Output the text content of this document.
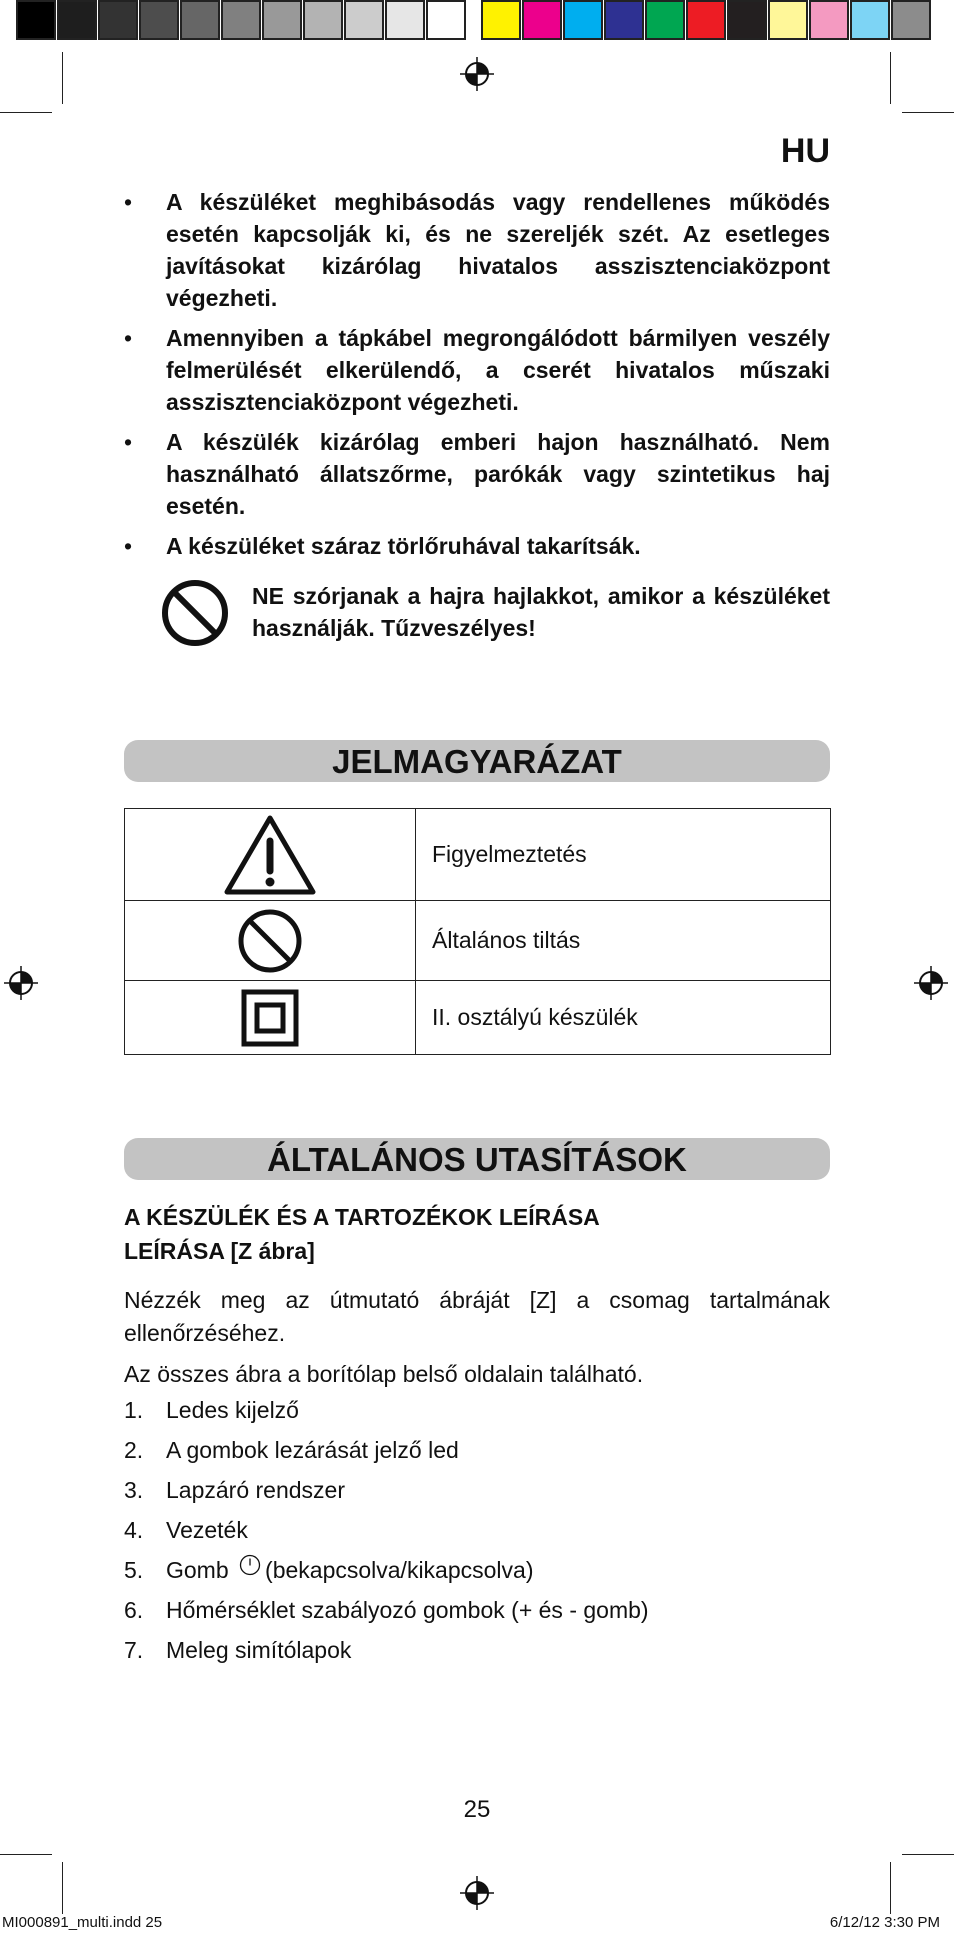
HU
• A készüléket meghibásodás vagy rendellenes működés esetén kapcsolják ki, és ne szereljék szét. Az esetleges javításokat kizárólag hivatalos asszisztenciaközpont végezheti.
• Amennyiben a tápkábel megrongálódott bármilyen veszély felmerülését elkerülendő, a cserét hivatalos műszaki asszisztenciaközpont végezheti.
• A készülék kizárólag emberi hajon használható. Nem használható állatszőrme, parókák vagy szintetikus haj esetén.
• A készüléket száraz törlőruhával takarítsák.
NE szórjanak a hajra hajlakkot, amikor a készüléket használják. Tűzveszélyes!
JELMAGYARÁZAT
	Figyelmeztetés
	Általános tiltás
	II. osztályú készülék
ÁLTALÁNOS UTASÍTÁSOK
A KÉSZÜLÉK ÉS A TARTOZÉKOK LEÍRÁSA
LEÍRÁSA [Z ábra]
Nézzék meg az útmutató ábráját [Z] a csomag tartalmának ellenőrzéséhez.
Az összes ábra a borítólap belső oldalain található.
1. Ledes kijelző
2. A gombok lezárását jelző led
3. Lapzáró rendszer
4. Vezeték
5. Gomb (bekapcsolva/kikapcsolva)
6. Hőmérséklet szabályozó gombok (+ és - gomb)
7. Meleg simítólapok
25
MI000891_multi.indd 25	6/12/12 3:30 PM
